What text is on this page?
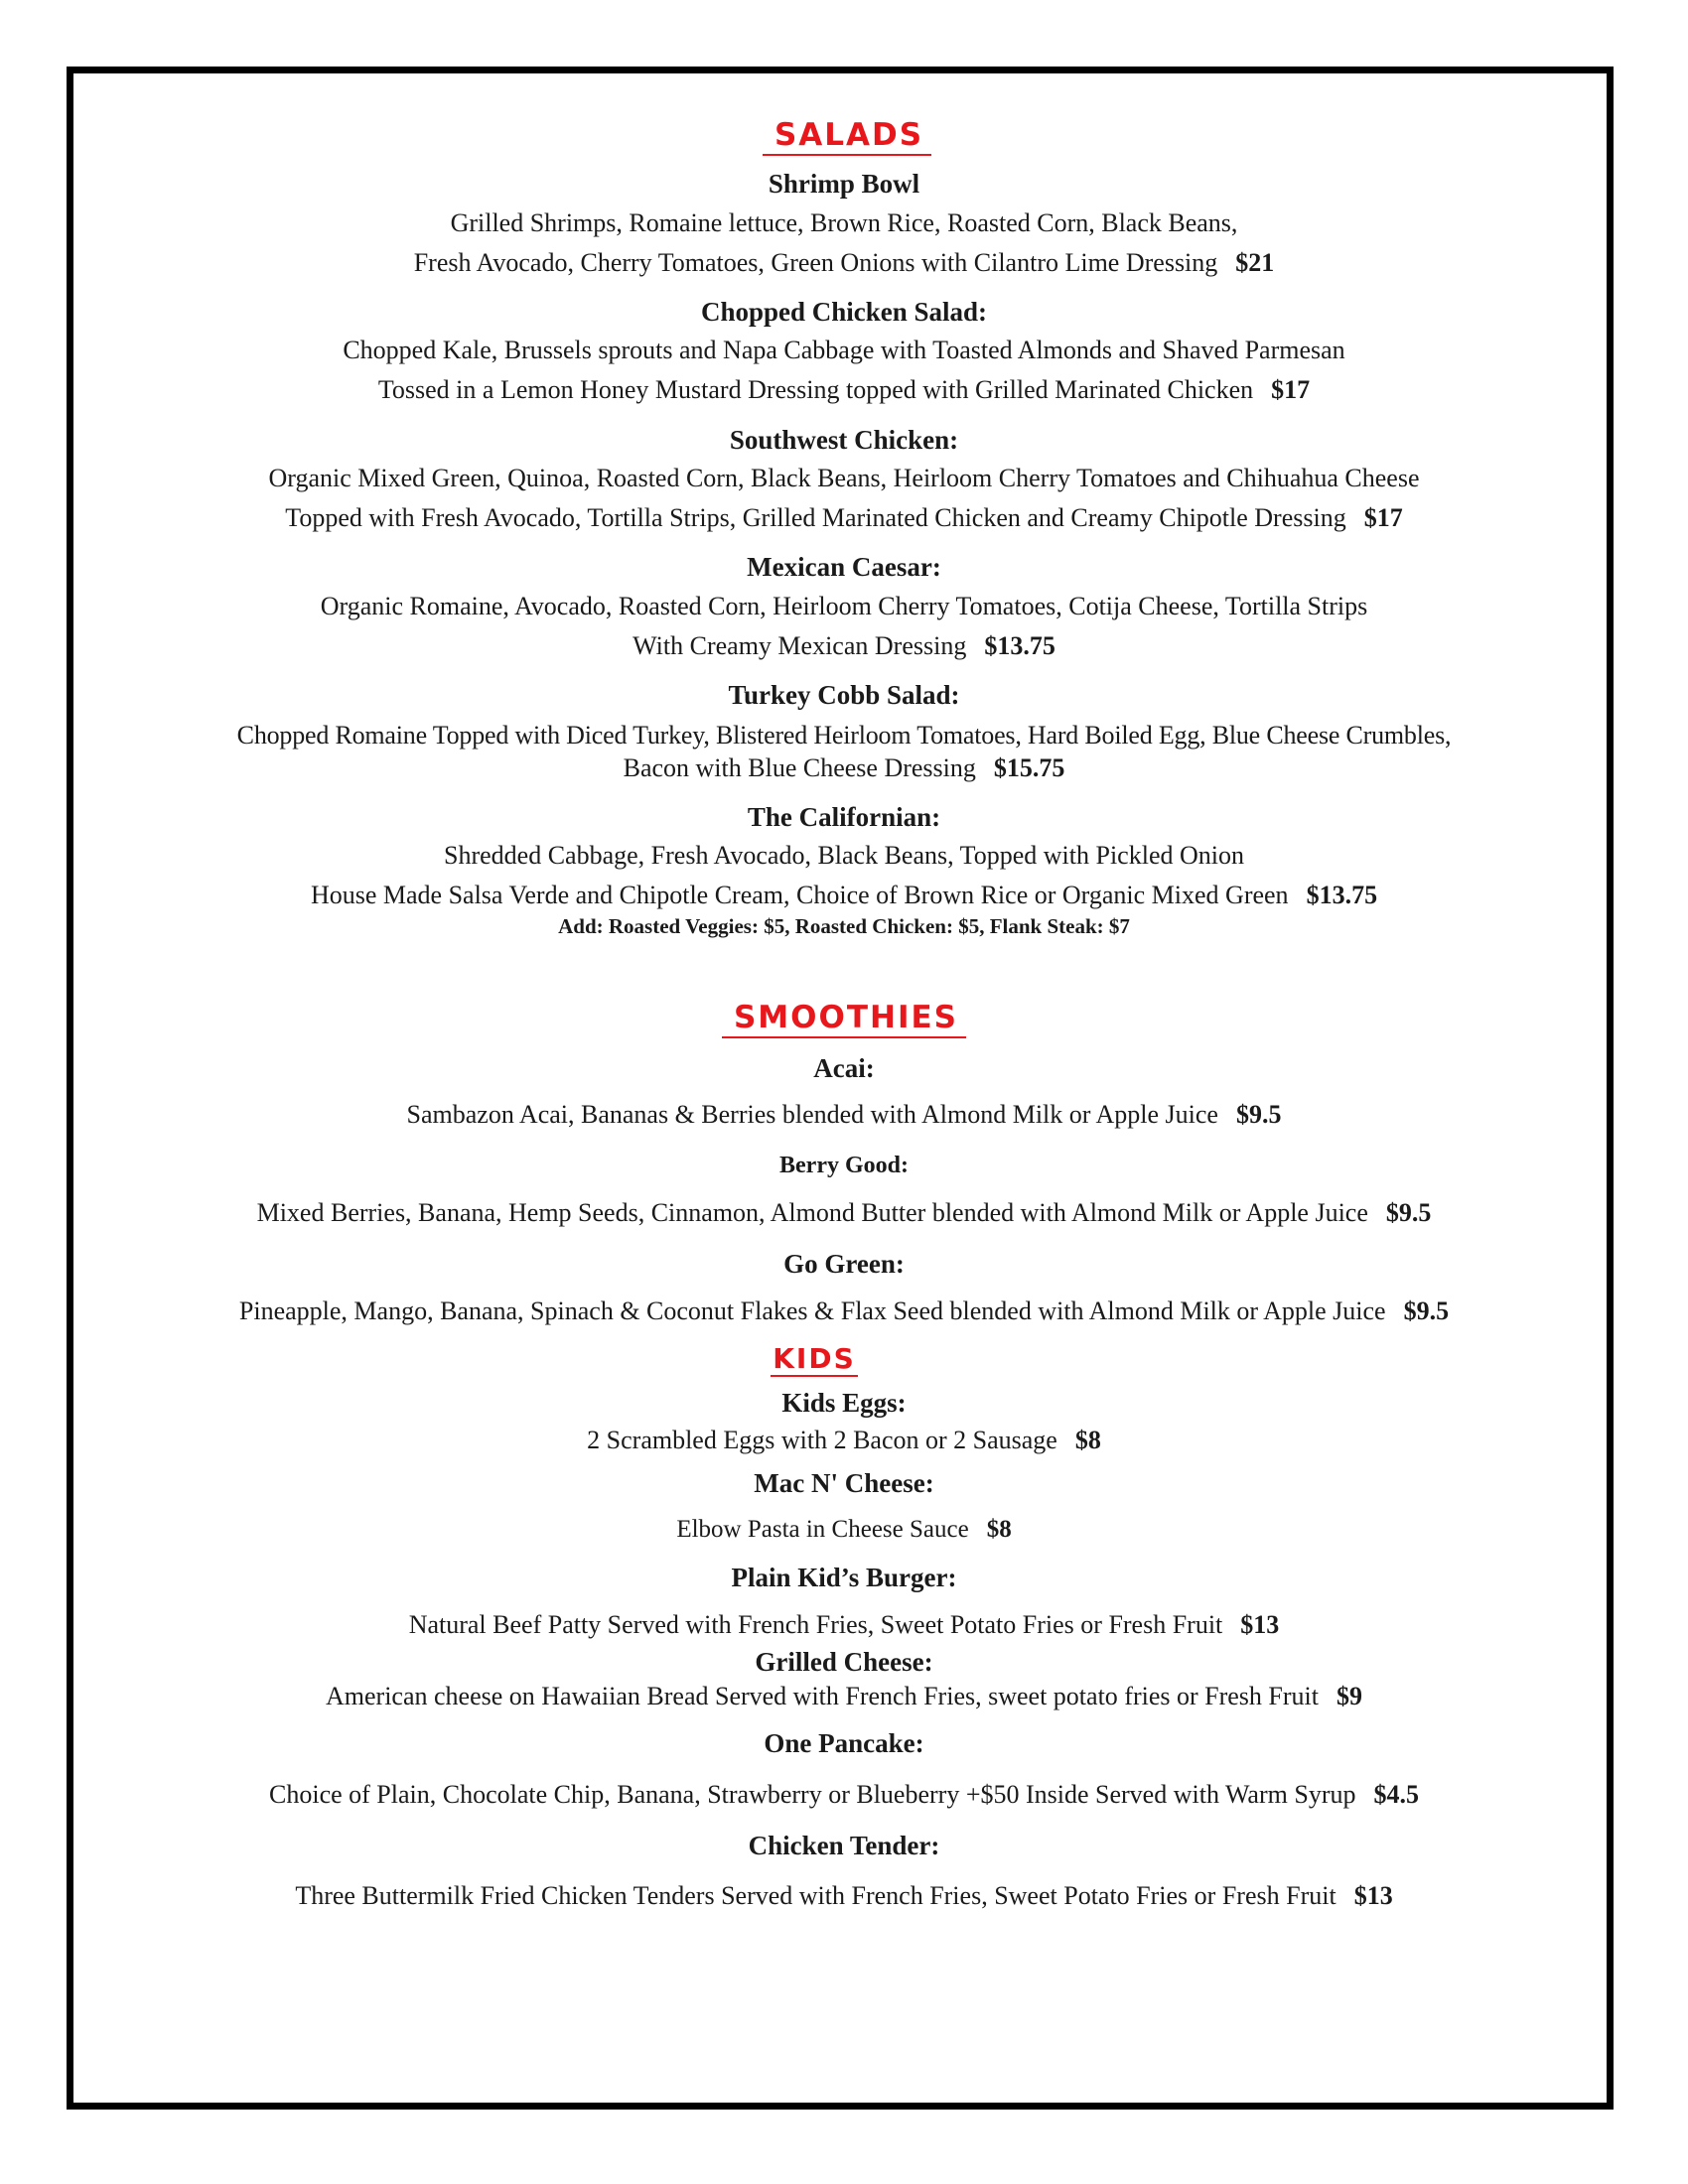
SALADS

Shrimp Bowl

Grilled Shrimps, Romaine lettuce, Brown Rice, Roasted Corn, Black Beans,

Fresh Avocado, Cherry Tomatoes, Green Onions with Cilantro Lime Dressing $21

Chopped Chicken Salad:

Chopped Kale, Brussels sprouts and Napa Cabbage with Toasted Almonds and Shaved Parmesan

Tossed in a Lemon Honey Mustard Dressing topped with Grilled Marinated Chicken $17

Southwest Chicken:

Organic Mixed Green, Quinoa, Roasted Corn, Black Beans, Heirloom Cherry Tomatoes and Chihuahua Cheese

Topped with Fresh Avocado, Tortilla Strips, Grilled Marinated Chicken and Creamy Chipotle Dressing $17

Mexican Caesar:

Organic Romaine, Avocado, Roasted Corn, Heirloom Cherry Tomatoes, Cotija Cheese, Tortilla Strips

With Creamy Mexican Dressing $13.75

Turkey Cobb Salad:

Chopped Romaine Topped with Diced Turkey, Blistered Heirloom Tomatoes, Hard Boiled Egg, Blue Cheese Crumbles,

Bacon with Blue Cheese Dressing $15.75

The Californian:

Shredded Cabbage, Fresh Avocado, Black Beans, Topped with Pickled Onion

House Made Salsa Verde and Chipotle Cream, Choice of Brown Rice or Organic Mixed Green $13.75

Add: Roasted Veggies: $5, Roasted Chicken: $5, Flank Steak: $7

SMOOTHIES

Acai:

Sambazon Acai, Bananas & Berries blended with Almond Milk or Apple Juice $9.5

Berry Good:

Mixed Berries, Banana, Hemp Seeds, Cinnamon, Almond Butter blended with Almond Milk or Apple Juice $9.5

Go Green:

Pineapple, Mango, Banana, Spinach & Coconut Flakes & Flax Seed blended with Almond Milk or Apple Juice $9.5

KIDS

Kids Eggs:

2 Scrambled Eggs with 2 Bacon or 2 Sausage $8

Mac N' Cheese:

Elbow Pasta in Cheese Sauce $8

Plain Kid’s Burger:

Natural Beef Patty Served with French Fries, Sweet Potato Fries or Fresh Fruit $13

Grilled Cheese:

American cheese on Hawaiian Bread Served with French Fries, sweet potato fries or Fresh Fruit $9

One Pancake:

Choice of Plain, Chocolate Chip, Banana, Strawberry or Blueberry +$50 Inside Served with Warm Syrup $4.5

Chicken Tender:

Three Buttermilk Fried Chicken Tenders Served with French Fries, Sweet Potato Fries or Fresh Fruit $13
